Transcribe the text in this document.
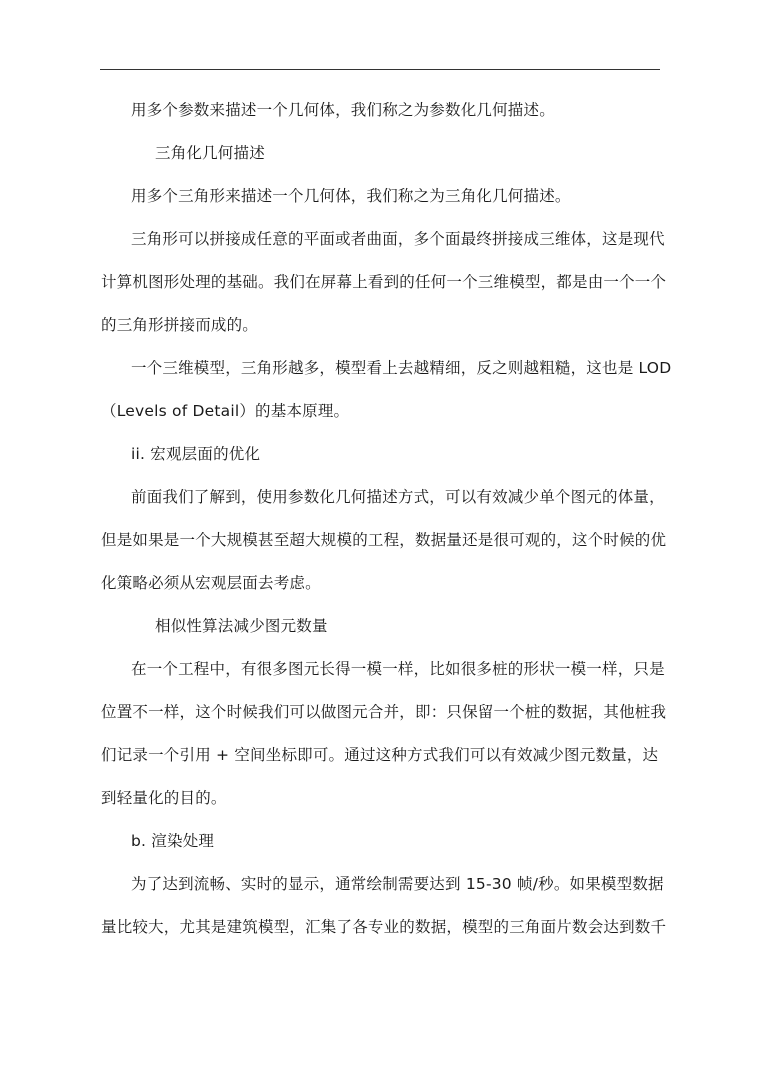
用多个参数来描述一个几何体，我们称之为参数化几何描述。
三角化几何描述
用多个三角形来描述一个几何体，我们称之为三角化几何描述。
三角形可以拼接成任意的平面或者曲面，多个面最终拼接成三维体，这是现代
计算机图形处理的基础。我们在屏幕上看到的任何一个三维模型，都是由一个一个
的三角形拼接而成的。
一个三维模型，三角形越多，模型看上去越精细，反之则越粗糙，这也是 LOD
（Levels of Detail）的基本原理。
ii. 宏观层面的优化
前面我们了解到，使用参数化几何描述方式，可以有效减少单个图元的体量，
但是如果是一个大规模甚至超大规模的工程，数据量还是很可观的，这个时候的优
化策略必须从宏观层面去考虑。
相似性算法减少图元数量
在一个工程中，有很多图元长得一模一样，比如很多桩的形状一模一样，只是
位置不一样，这个时候我们可以做图元合并，即：只保留一个桩的数据，其他桩我
们记录一个引用 + 空间坐标即可。通过这种方式我们可以有效减少图元数量，达
到轻量化的目的。
b. 渲染处理
为了达到流畅、实时的显示，通常绘制需要达到 15-30 帧/秒。如果模型数据
量比较大，尤其是建筑模型，汇集了各专业的数据，模型的三角面片数会达到数千
